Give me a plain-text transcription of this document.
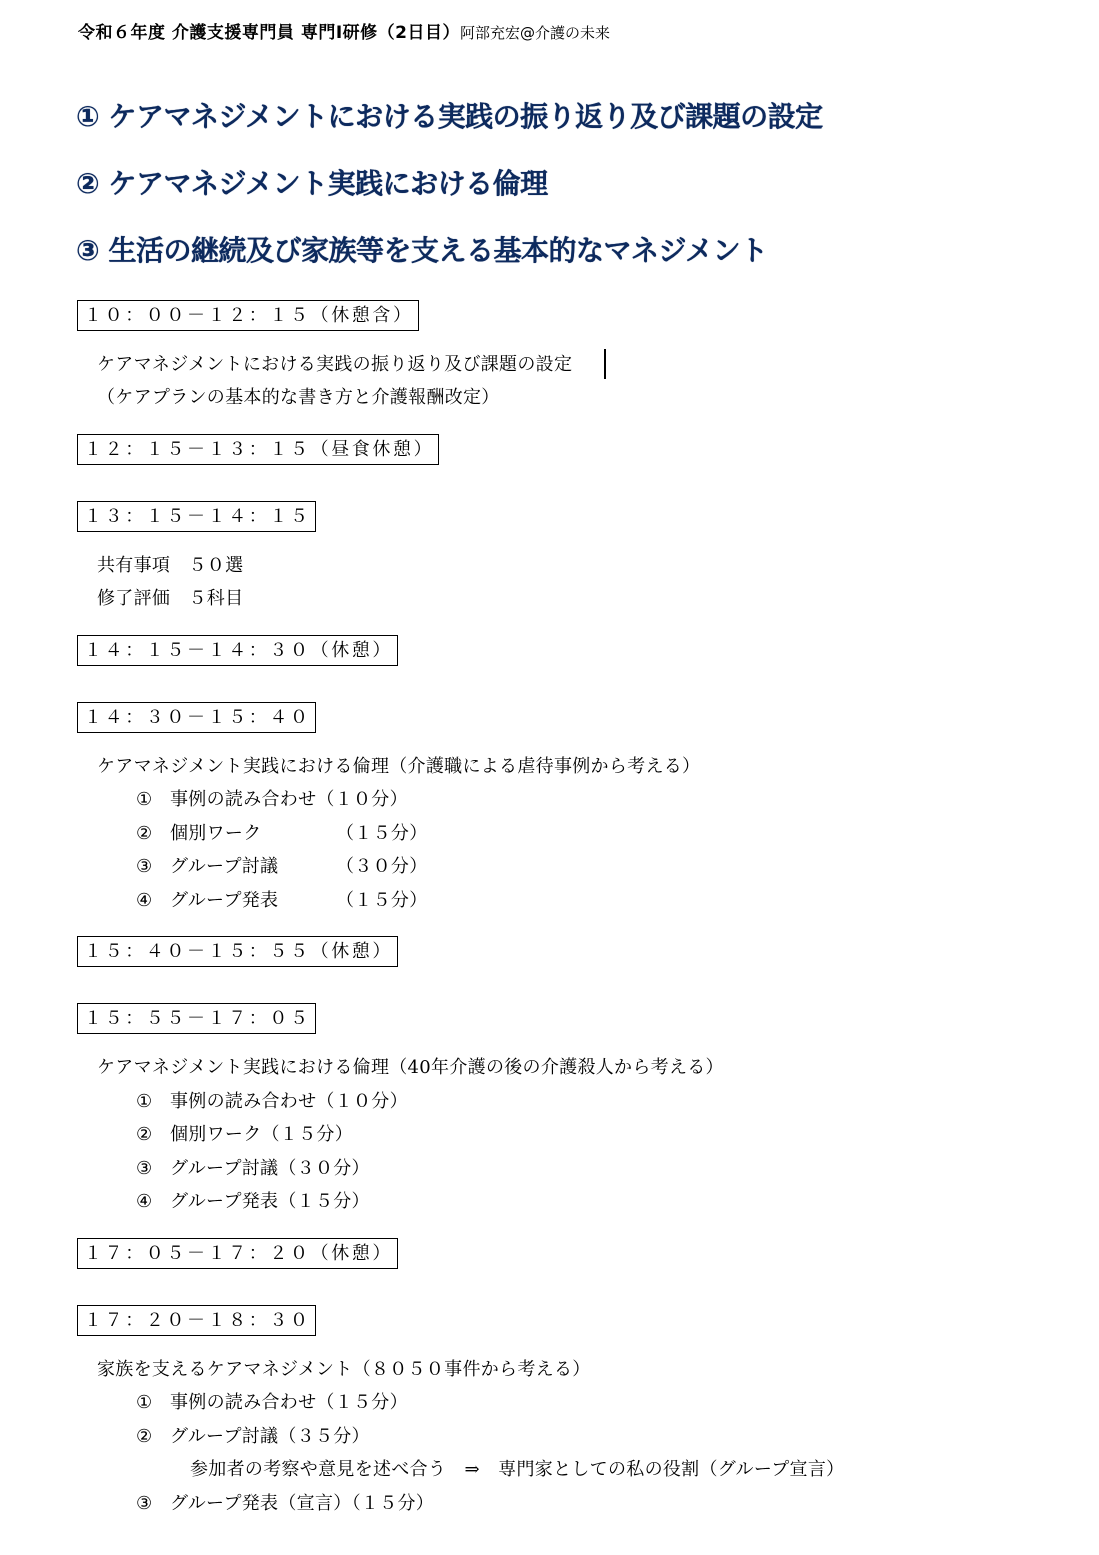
令和６年度 介護支援専門員 専門Ⅰ研修（2日目）阿部充宏@介護の未来
① ケアマネジメントにおける実践の振り返り及び課題の設定
② ケアマネジメント実践における倫理
③ 生活の継続及び家族等を支える基本的なマネジメント
１０：００－１２：１５（休憩含）
ケアマネジメントにおける実践の振り返り及び課題の設定
（ケアプランの基本的な書き方と介護報酬改定）
１２：１５－１３：１５（昼食休憩）
１３：１５－１４：１５
共有事項　５０選
修了評価　５科目
１４：１５－１４：３０（休憩）
１４：３０－１５：４０
ケアマネジメント実践における倫理（介護職による虐待事例から考える）
① 事例の読み合わせ（１０分）
② 個別ワーク	（１５分）
③ グループ討議	（３０分）
④ グループ発表	（１５分）
１５：４０－１５：５５（休憩）
１５：５５－１７：０５
ケアマネジメント実践における倫理（40年介護の後の介護殺人から考える）
① 事例の読み合わせ（１０分）
② 個別ワーク（１５分）
③ グループ討議（３０分）
④ グループ発表（１５分）
１７：０５－１７：２０（休憩）
１７：２０－１８：３０
家族を支えるケアマネジメント（８０５０事件から考える）
① 事例の読み合わせ（１５分）
② グループ討議（３５分）
参加者の考察や意見を述べ合う　⇒　専門家としての私の役割（グループ宣言）
③ グループ発表（宣言）（１５分）
